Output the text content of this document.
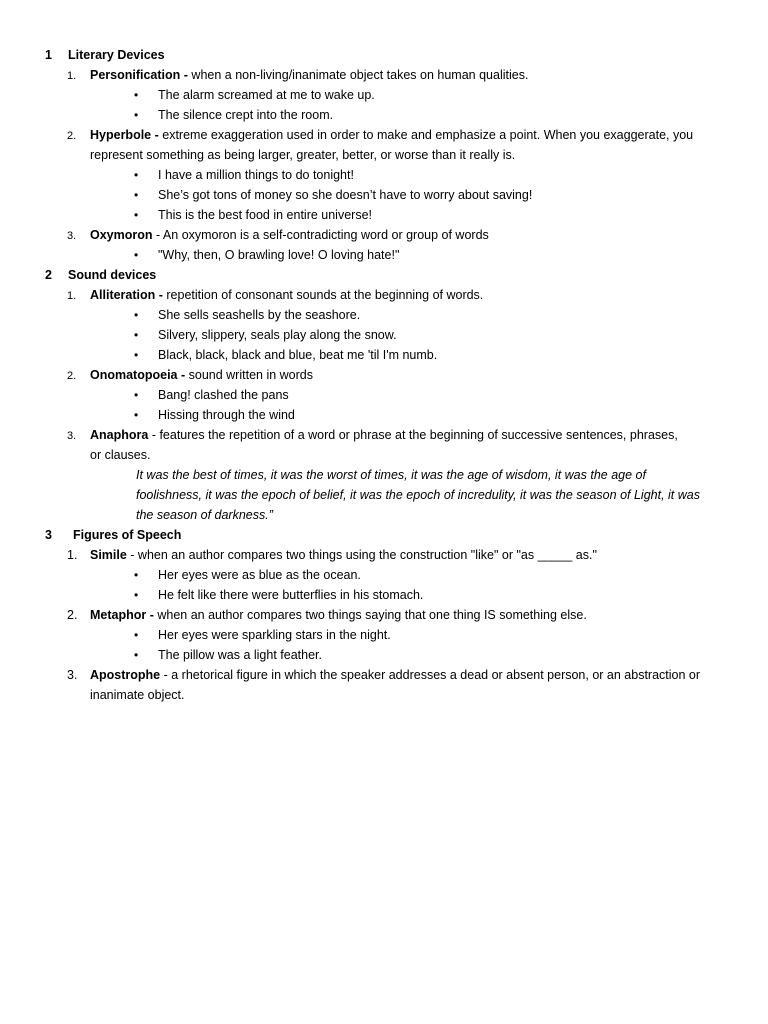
1 Literary Devices
1. Personification - when a non-living/inanimate object takes on human qualities.
• The alarm screamed at me to wake up.
• The silence crept into the room.
2. Hyperbole - extreme exaggeration used in order to make and emphasize a point. When you exaggerate, you
represent something as being larger, greater, better, or worse than it really is.
• I have a million things to do tonight!
• She’s got tons of money so she doesn’t have to worry about saving!
• This is the best food in entire universe!
3. Oxymoron - An oxymoron is a self-contradicting word or group of words
• "Why, then, O brawling love! O loving hate!"
2 Sound devices
1. Alliteration - repetition of consonant sounds at the beginning of words.
• She sells seashells by the seashore.
• Silvery, slippery, seals play along the snow.
• Black, black, black and blue, beat me 'til I'm numb.
2. Onomatopoeia - sound written in words
• Bang! clashed the pans
• Hissing through the wind
3. Anaphora - features the repetition of a word or phrase at the beginning of successive sentences, phrases,
or clauses.
It was the best of times, it was the worst of times, it was the age of wisdom, it was the age of
foolishness, it was the epoch of belief, it was the epoch of incredulity, it was the season of Light, it was
the season of darkness.”
3 Figures of Speech
1. Simile - when an author compares two things using the construction "like" or "as _____ as."
• Her eyes were as blue as the ocean.
• He felt like there were butterflies in his stomach.
2. Metaphor - when an author compares two things saying that one thing IS something else.
• Her eyes were sparkling stars in the night.
• The pillow was a light feather.
3. Apostrophe - a rhetorical figure in which the speaker addresses a dead or absent person, or an abstraction or
inanimate object.
